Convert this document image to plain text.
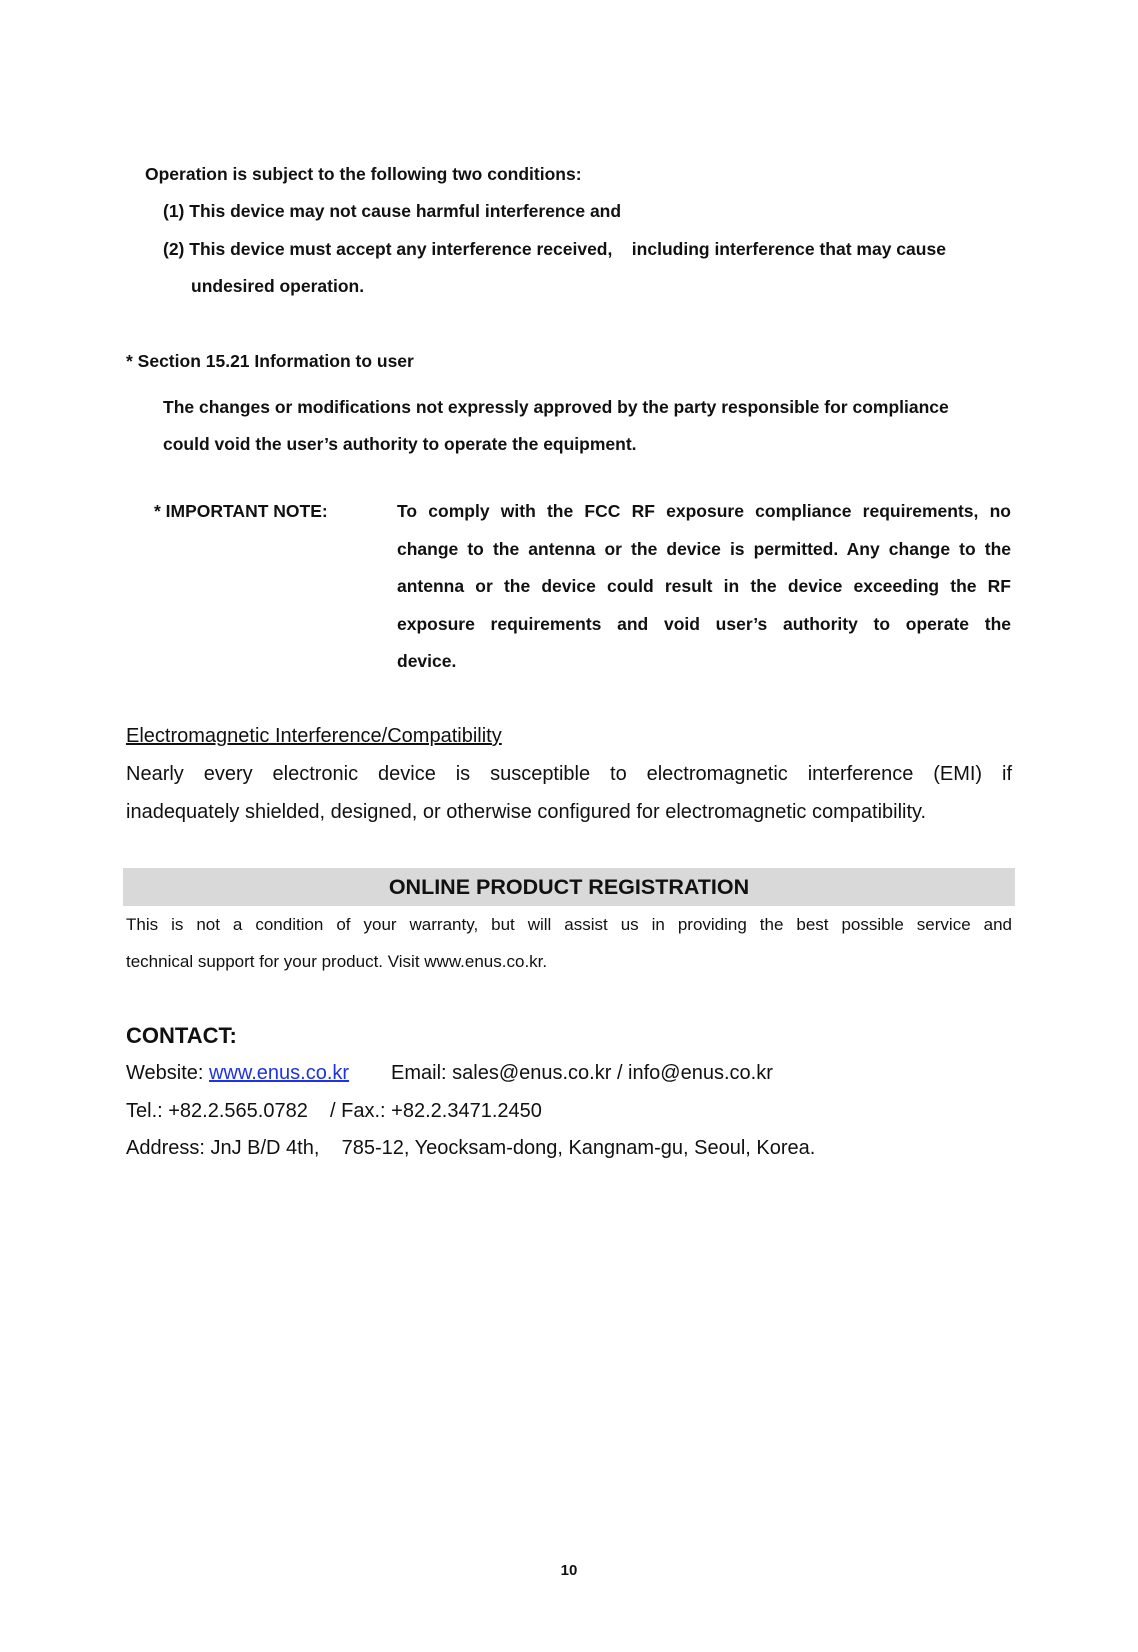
Operation is subject to the following two conditions:
(1) This device may not cause harmful interference and
(2) This device must accept any interference received,    including interference that may cause
undesired operation.
* Section 15.21 Information to user
The changes or modifications not expressly approved by the party responsible for compliance
could void the user’s authority to operate the equipment.
* IMPORTANT NOTE:	To comply with the FCC RF exposure compliance requirements, no
change to the antenna or the device is permitted. Any change to the
antenna or the device could result in the device exceeding the RF
exposure requirements and void user’s authority to operate the
device.
Electromagnetic Interference/Compatibility
Nearly every electronic device is susceptible to electromagnetic interference (EMI) if
inadequately shielded, designed, or otherwise configured for electromagnetic compatibility.
ONLINE PRODUCT REGISTRATION
This is not a condition of your warranty, but will assist us in providing the best possible service and
technical support for your product. Visit www.enus.co.kr.
CONTACT:
Website: www.enus.co.kr Email: sales@enus.co.kr / info@enus.co.kr
Tel.: +82.2.565.0782    / Fax.: +82.2.3471.2450
Address: JnJ B/D 4th,    785-12, Yeocksam-dong, Kangnam-gu, Seoul, Korea.
10
